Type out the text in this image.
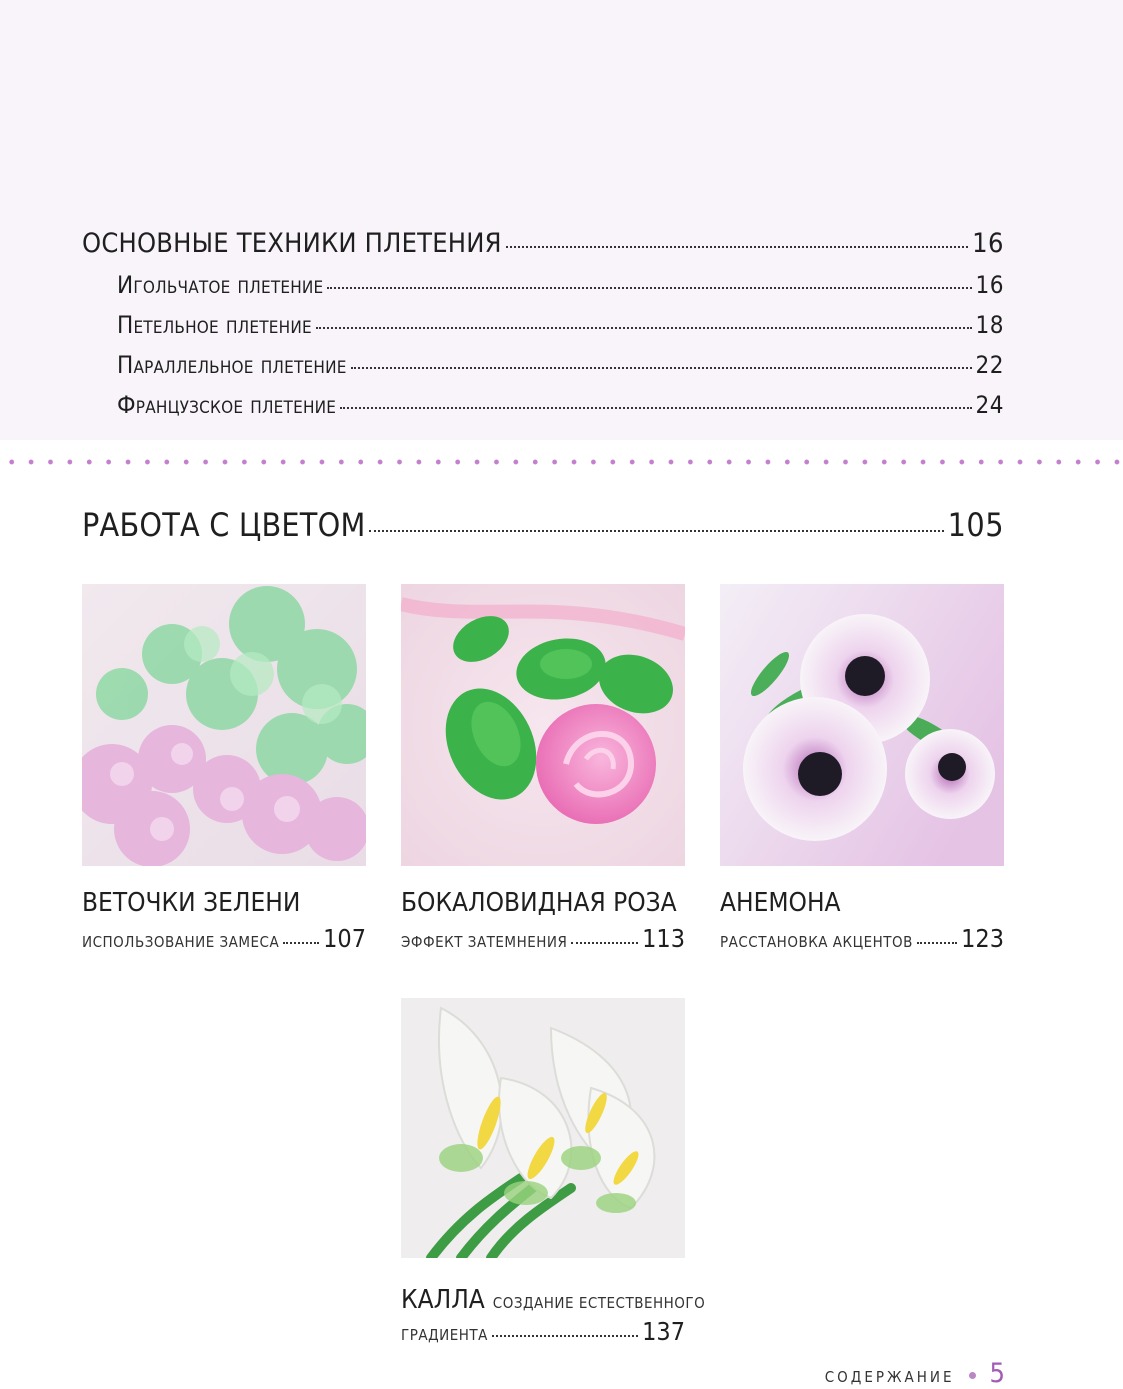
ОСНОВНЫЕ ТЕХНИКИ ПЛЕТЕНИЯ	16
Игольчатое плетение	16
Петельное плетение	18
Параллельное плетение	22
Французское плетение	24
РАБОТА С ЦВЕТОМ	105
ВЕТОЧКИ ЗЕЛЕНИ
ИСПОЛЬЗОВАНИЕ ЗАМЕСА 107
БОКАЛОВИДНАЯ РОЗА
ЭФФЕКТ ЗАТЕМНЕНИЯ	113
АНЕМОНА
РАССТАНОВКА АКЦЕНТОВ 123
КАЛЛА СОЗДАНИЕ ЕСТЕСТВЕННОГО
ГРАДИЕНТА	137
СОДЕРЖАНИЕ 5
